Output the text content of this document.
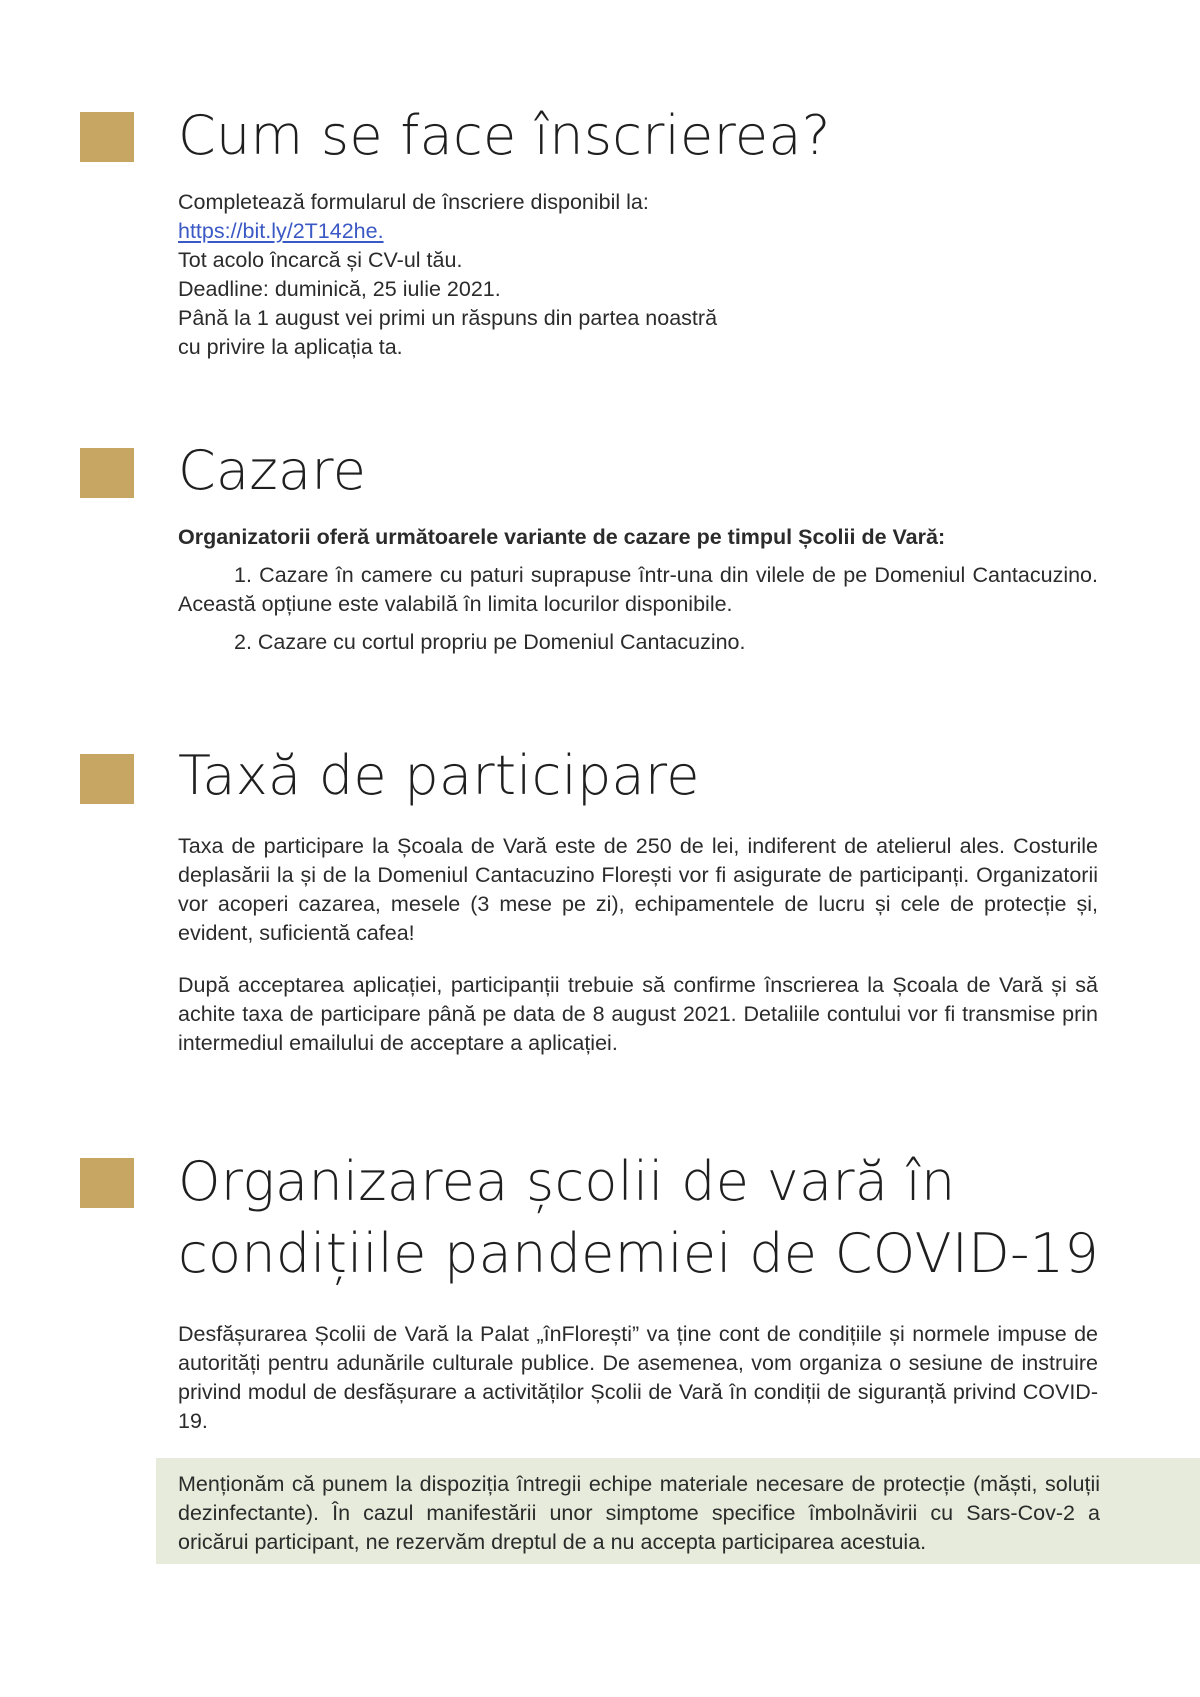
Cum se face înscrierea?

Completează formularul de înscriere disponibil la:

https://bit.ly/2T142he.

Tot acolo încarcă și CV-ul tău.

Deadline: duminică, 25 iulie 2021.

Până la 1 august vei primi un răspuns din partea noastră

cu privire la aplicația ta.

Cazare

Organizatorii oferă următoarele variante de cazare pe timpul Școlii de Vară:

1. Cazare în camere cu paturi suprapuse într-una din vilele de pe Domeniul Cantacuzino. Această opțiune este valabilă în limita locurilor disponibile.

2. Cazare cu cortul propriu pe Domeniul Cantacuzino.

Taxă de participare

Taxa de participare la Școala de Vară este de 250 de lei, indiferent de atelierul ales. Costurile deplasării la și de la Domeniul Cantacuzino Florești vor fi asigurate de participanți. Organizatorii vor acoperi cazarea, mesele (3 mese pe zi), echipamentele de lucru și cele de protecție și, evident, suficientă cafea!

După acceptarea aplicației, participanții trebuie să confirme înscrierea la Școala de Vară și să achite taxa de participare până pe data de 8 august 2021. Detaliile contului vor fi transmise prin intermediul emailului de acceptare a aplicației.

Organizarea școlii de vară în
condițiile pandemiei de COVID-19

Desfășurarea Școlii de Vară la Palat „înFlorești” va ține cont de condițiile și normele impuse de autorități pentru adunările culturale publice. De asemenea, vom organiza o sesiune de instruire privind modul de desfășurare a activităților Școlii de Vară în condiții de siguranță privind COVID-19.

Menționăm că punem la dispoziția întregii echipe materiale necesare de protecție (măști, soluții dezinfectante). În cazul manifestării unor simptome specifice îmbolnăvirii cu Sars-Cov-2 a oricărui participant, ne rezervăm dreptul de a nu accepta participarea acestuia.
